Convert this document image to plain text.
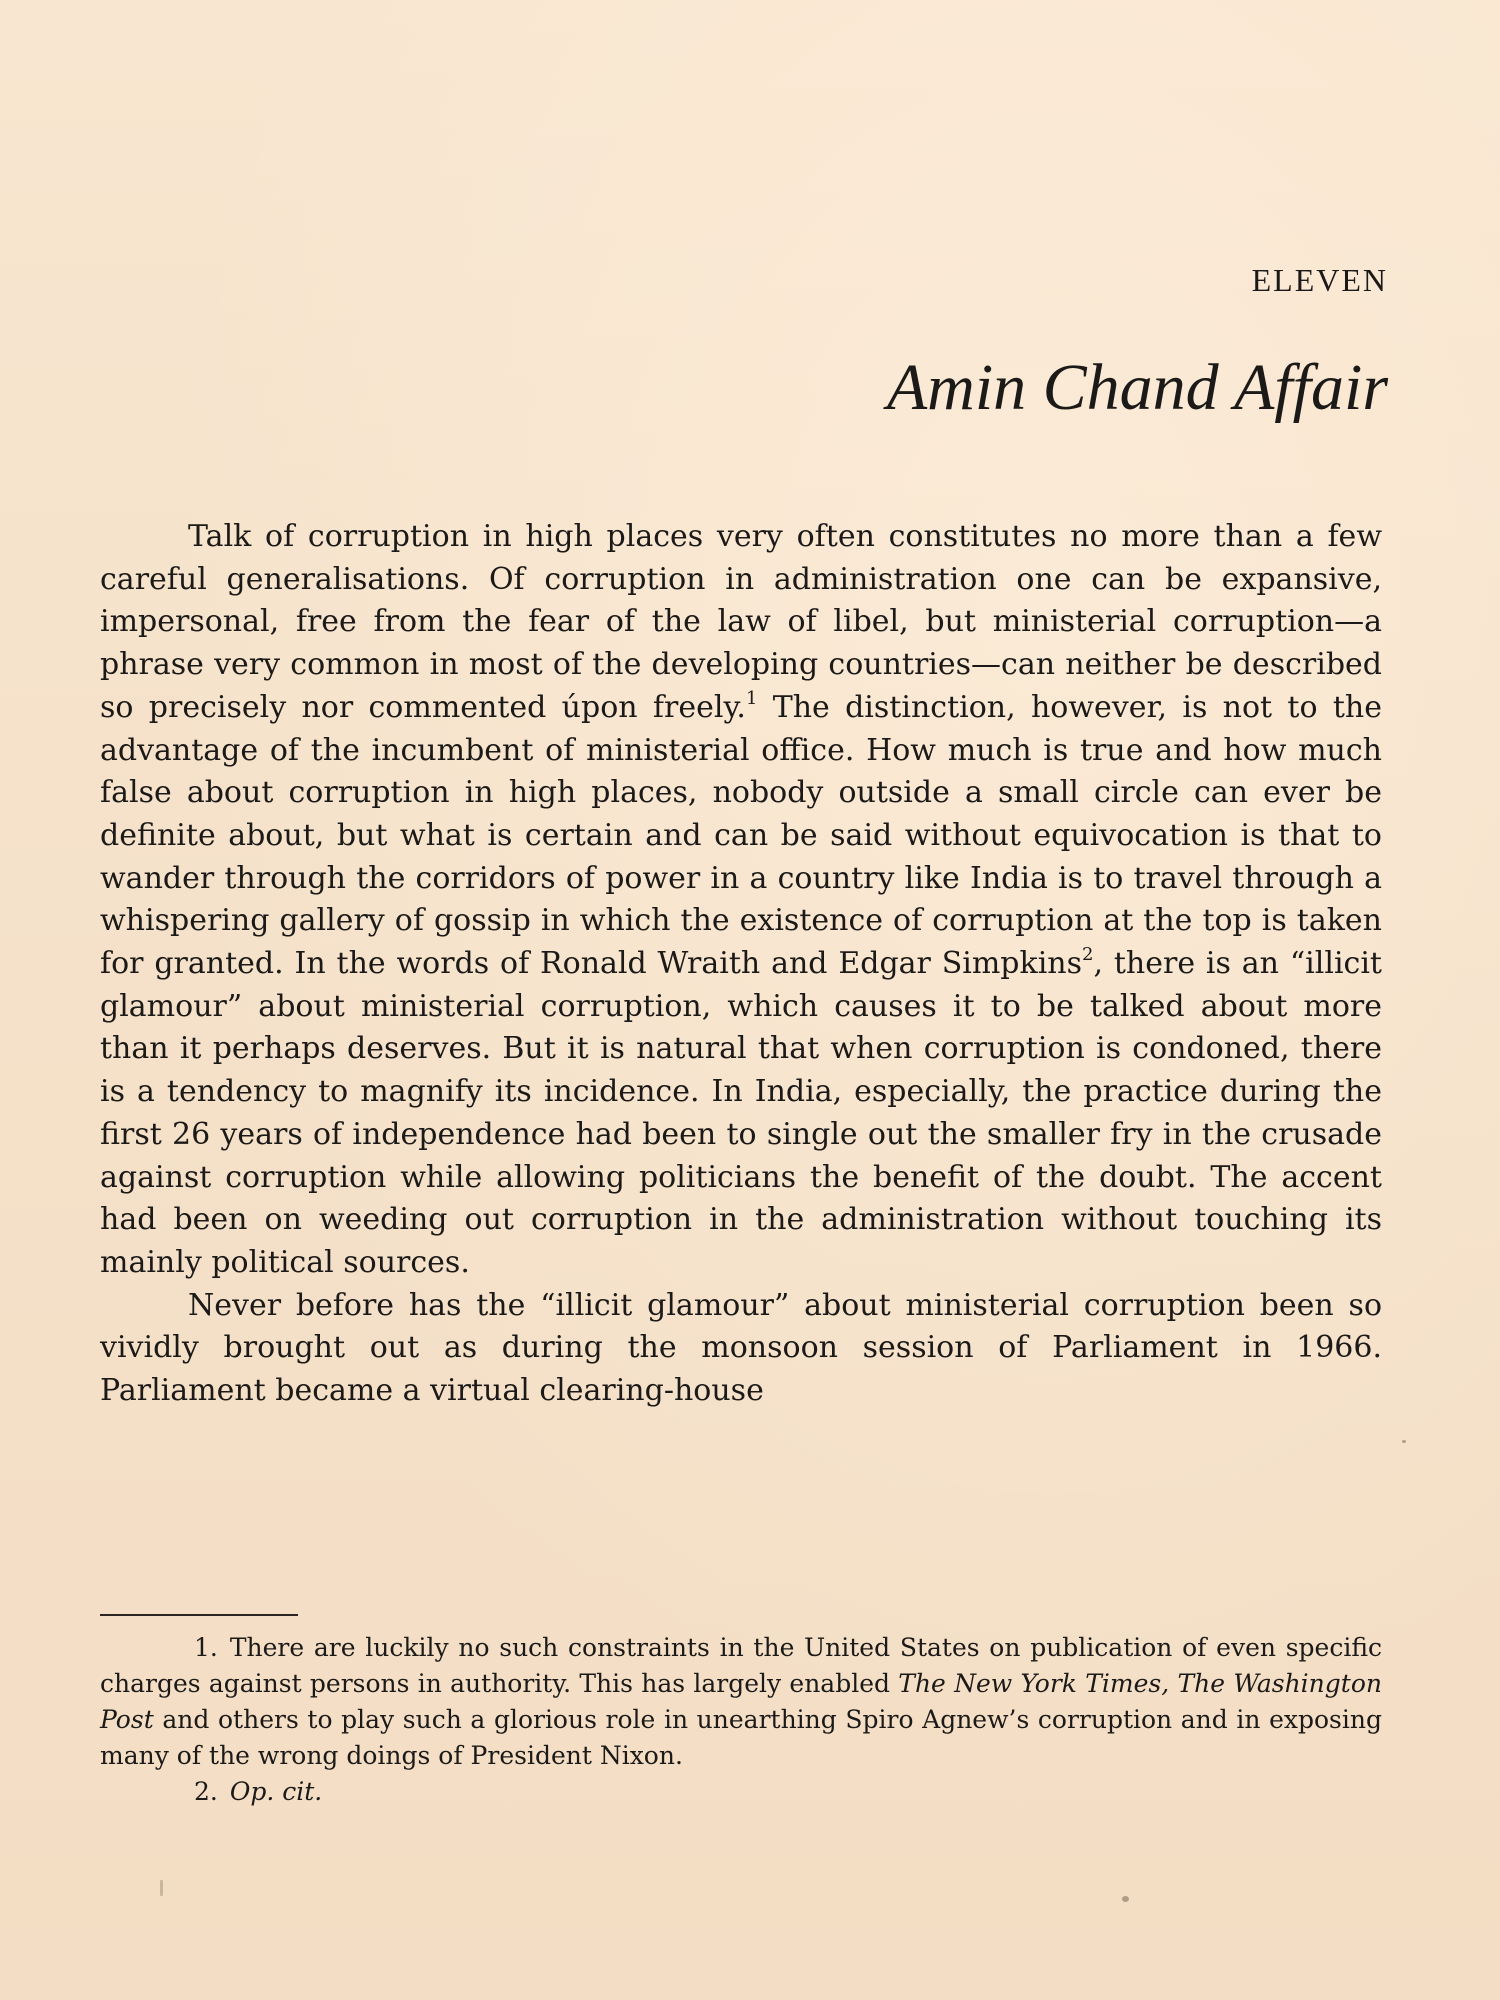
ELEVEN
Amin Chand Affair

Talk of corruption in high places very often constitutes no more than a few careful generalisations. Of corruption in administration one can be expansive, impersonal, free from the fear of the law of libel, but ministerial corruption—a phrase very common in most of the developing countries—can neither be described so precisely nor commented úpon freely.$^1$ The distinction, however, is not to the advantage of the incumbent of ministerial office. How much is true and how much false about corruption in high places, nobody outside a small circle can ever be definite about, but what is certain and can be said without equivocation is that to wander through the corridors of power in a country like India is to travel through a whispering gallery of gossip in which the existence of corruption at the top is taken for granted. In the words of Ronald Wraith and Edgar Simpkins$^2$, there is an “illicit glamour” about ministerial corruption, which causes it to be talked about more than it perhaps deserves. But it is natural that when corruption is condoned, there is a tendency to magnify its incidence. In India, especially, the practice during the first 26 years of independence had been to single out the smaller fry in the crusade against corruption while allowing politicians the benefit of the doubt. The accent had been on weeding out corruption in the administration without touching its mainly political sources.

Never before has the “illicit glamour” about ministerial corruption been so vividly brought out as during the monsoon session of Parliament in 1966. Parliament became a virtual clearing-house

1. There are luckily no such constraints in the United States on publication of even specific charges against persons in authority. This has largely enabled The New York Times, The Washington Post and others to play such a glorious role in unearthing Spiro Agnew’s corruption and in exposing many of the wrong doings of President Nixon.

2. Op. cit.
